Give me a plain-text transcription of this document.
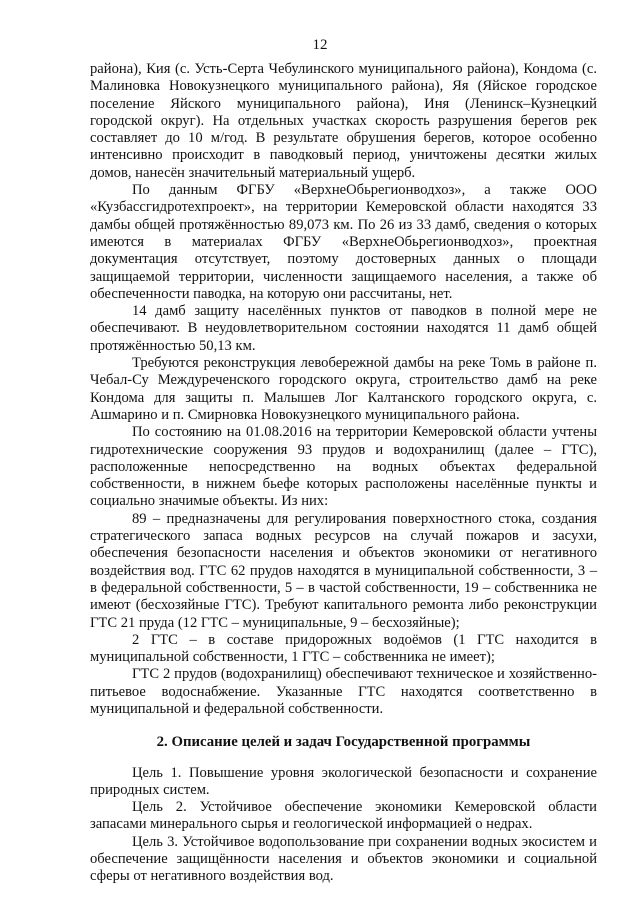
12

района), Кия (с. Усть-Серта Чебулинского муниципального района), Кондома (с. Малиновка Новокузнецкого муниципального района), Яя (Яйское городское поселение Яйского муниципального района), Иня (Ленинск–Кузнецкий городской округ). На отдельных участках скорость разрушения берегов рек составляет до 10 м/год. В результате обрушения берегов, которое особенно интенсивно происходит в паводковый период, уничтожены десятки жилых домов, нанесён значительный материальный ущерб.

По данным ФГБУ «ВерхнеОбьрегионводхоз», а также ООО «Кузбассгидротехпроект», на территории Кемеровской области находятся 33 дамбы общей протяжённостью 89,073 км. По 26 из 33 дамб, сведения о которых имеются в материалах ФГБУ «ВерхнеОбьрегионводхоз», проектная документация отсутствует, поэтому достоверных данных о площади защищаемой территории, численности защищаемого населения, а также об обеспеченности паводка, на которую они рассчитаны, нет.

14 дамб защиту населённых пунктов от паводков в полной мере не обеспечивают. В неудовлетворительном состоянии находятся 11 дамб общей протяжённостью 50,13 км.

Требуются реконструкция левобережной дамбы на реке Томь в районе п. Чебал-Су Междуреченского городского округа, строительство дамб на реке Кондома для защиты п. Малышев Лог Калтанского городского округа, с. Ашмарино и п. Смирновка Новокузнецкого муниципального района.

По состоянию на 01.08.2016 на территории Кемеровской области учтены гидротехнические сооружения 93 прудов и водохранилищ (далее – ГТС), расположенные непосредственно на водных объектах федеральной собственности, в нижнем бьефе которых расположены населённые пункты и социально значимые объекты. Из них:

89 – предназначены для регулирования поверхностного стока, создания стратегического запаса водных ресурсов на случай пожаров и засухи, обеспечения безопасности населения и объектов экономики от негативного воздействия вод. ГТС 62 прудов находятся в муниципальной собственности, 3 – в федеральной собственности, 5 – в частой собственности, 19 – собственника не имеют (бесхозяйные ГТС). Требуют капитального ремонта либо реконструкции ГТС 21 пруда (12 ГТС – муниципальные, 9 – бесхозяйные);

2 ГТС – в составе придорожных водоёмов (1 ГТС находится в муниципальной собственности, 1 ГТС – собственника не имеет);

ГТС 2 прудов (водохранилищ) обеспечивают техническое и хозяйственно-питьевое водоснабжение. Указанные ГТС находятся соответственно в муниципальной и федеральной собственности.

2. Описание целей и задач Государственной программы

Цель 1. Повышение уровня экологической безопасности и сохранение природных систем.

Цель 2. Устойчивое обеспечение экономики Кемеровской области запасами минерального сырья и геологической информацией о недрах.

Цель 3. Устойчивое водопользование при сохранении водных экосистем и обеспечение защищённости населения и объектов экономики и социальной сферы от негативного воздействия вод.
